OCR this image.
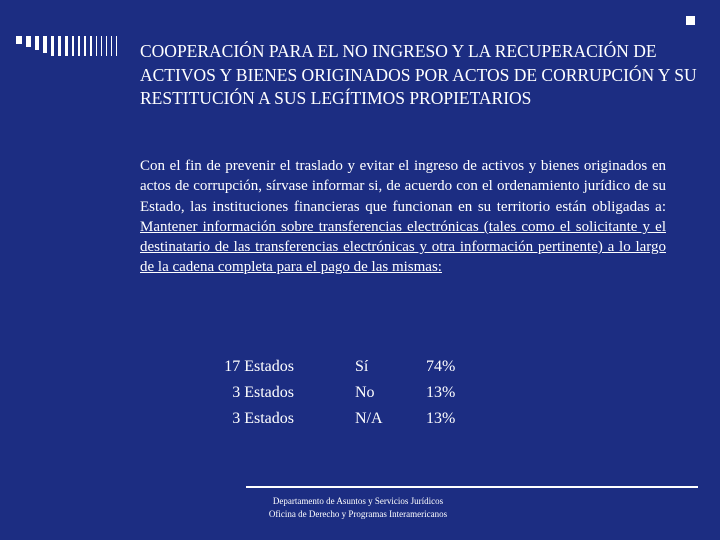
COOPERACIÓN PARA EL NO INGRESO Y LA RECUPERACIÓN DE ACTIVOS Y BIENES ORIGINADOS POR ACTOS DE CORRUPCIÓN Y SU RESTITUCIÓN A SUS LEGÍTIMOS PROPIETARIOS

Con el fin de prevenir el traslado y evitar el ingreso de activos y bienes originados en actos de corrupción, sírvase informar si, de acuerdo con el ordenamiento jurídico de su Estado, las instituciones financieras que funcionan en su territorio están obligadas a: Mantener información sobre transferencias electrónicas (tales como el solicitante y el destinatario de las transferencias electrónicas y otra información pertinente) a lo largo de la cadena completa para el pago de las mismas:

17 Estados	Sí	74%
3 Estados	No	13%
3 Estados	N/A	13%
Departamento de Asuntos y Servicios Jurídicos
Oficina de Derecho y Programas Interamericanos
